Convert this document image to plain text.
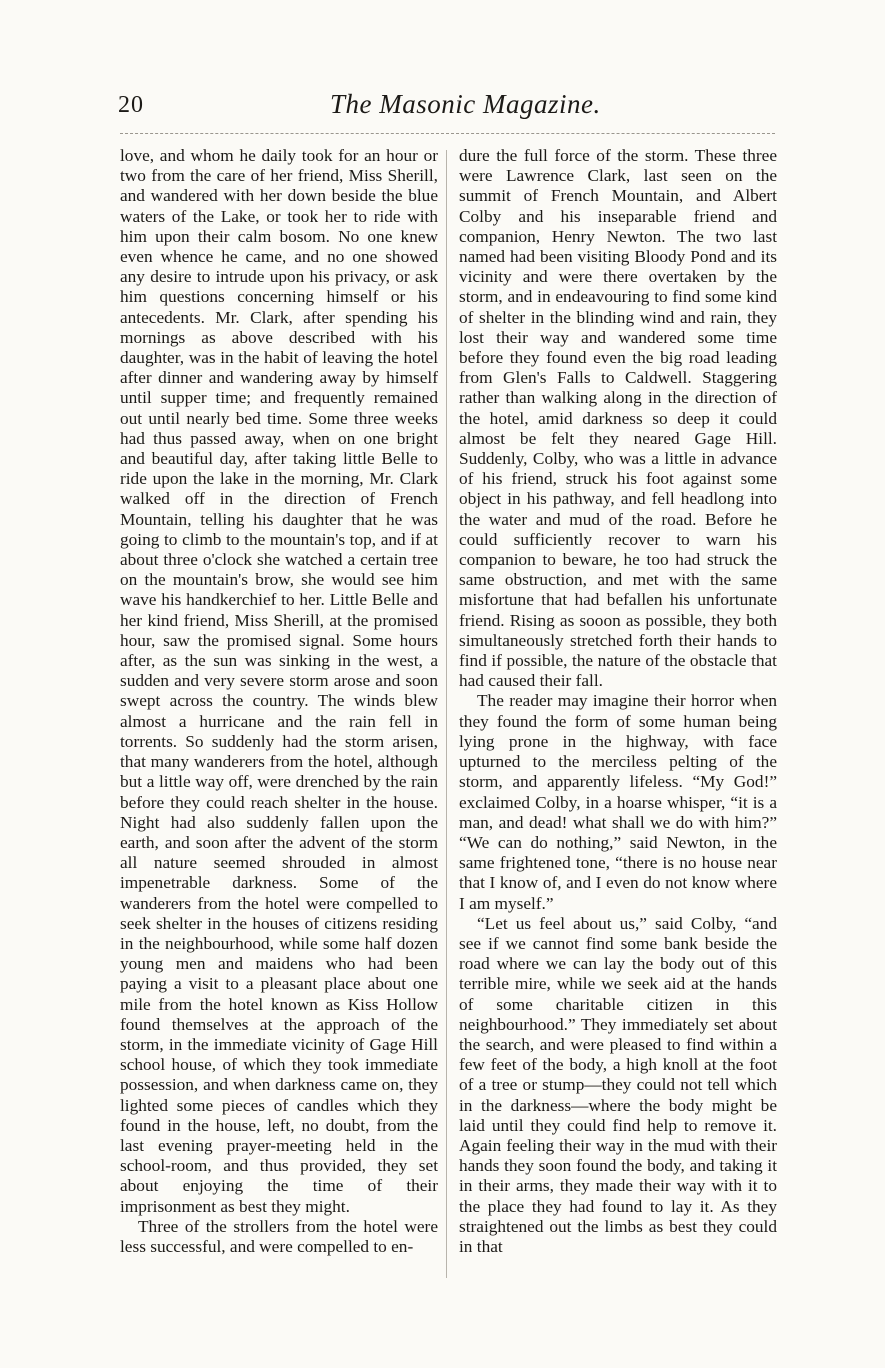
20	The Masonic Magazine.

love, and whom he daily took for an hour or two from the care of her friend, Miss Sherill, and wandered with her down beside the blue waters of the Lake, or took her to ride with him upon their calm bosom. No one knew even whence he came, and no one showed any desire to intrude upon his privacy, or ask him questions concerning himself or his antecedents. Mr. Clark, after spending his mornings as above described with his daughter, was in the habit of leaving the hotel after dinner and wandering away by himself until supper time; and frequently remained out until nearly bed time. Some three weeks had thus passed away, when on one bright and beautiful day, after taking little Belle to ride upon the lake in the morning, Mr. Clark walked off in the direction of French Mountain, telling his daughter that he was going to climb to the mountain's top, and if at about three o'clock she watched a certain tree on the mountain's brow, she would see him wave his handkerchief to her. Little Belle and her kind friend, Miss Sherill, at the promised hour, saw the promised signal. Some hours after, as the sun was sinking in the west, a sudden and very severe storm arose and soon swept across the country. The winds blew almost a hurricane and the rain fell in torrents. So suddenly had the storm arisen, that many wanderers from the hotel, although but a little way off, were drenched by the rain before they could reach shelter in the house. Night had also suddenly fallen upon the earth, and soon after the advent of the storm all nature seemed shrouded in almost impenetrable darkness. Some of the wanderers from the hotel were compelled to seek shelter in the houses of citizens residing in the neighbourhood, while some half dozen young men and maidens who had been paying a visit to a pleasant place about one mile from the hotel known as Kiss Hollow found themselves at the approach of the storm, in the immediate vicinity of Gage Hill school house, of which they took immediate possession, and when darkness came on, they lighted some pieces of candles which they found in the house, left, no doubt, from the last evening prayer-meeting held in the school-room, and thus provided, they set about enjoying the time of their imprisonment as best they might.

Three of the strollers from the hotel were less successful, and were compelled to en-

dure the full force of the storm. These three were Lawrence Clark, last seen on the summit of French Mountain, and Albert Colby and his inseparable friend and companion, Henry Newton. The two last named had been visiting Bloody Pond and its vicinity and were there overtaken by the storm, and in endeavouring to find some kind of shelter in the blinding wind and rain, they lost their way and wandered some time before they found even the big road leading from Glen's Falls to Caldwell. Staggering rather than walking along in the direction of the hotel, amid darkness so deep it could almost be felt they neared Gage Hill. Suddenly, Colby, who was a little in advance of his friend, struck his foot against some object in his pathway, and fell headlong into the water and mud of the road. Before he could sufficiently recover to warn his companion to beware, he too had struck the same obstruction, and met with the same misfortune that had befallen his unfortunate friend. Rising as sooon as possible, they both simultaneously stretched forth their hands to find if possible, the nature of the obstacle that had caused their fall.

The reader may imagine their horror when they found the form of some human being lying prone in the highway, with face upturned to the merciless pelting of the storm, and apparently lifeless. “My God!” exclaimed Colby, in a hoarse whisper, “it is a man, and dead! what shall we do with him?” “We can do nothing,” said Newton, in the same frightened tone, “there is no house near that I know of, and I even do not know where I am myself.”

“Let us feel about us,” said Colby, “and see if we cannot find some bank beside the road where we can lay the body out of this terrible mire, while we seek aid at the hands of some charitable citizen in this neighbourhood.” They immediately set about the search, and were pleased to find within a few feet of the body, a high knoll at the foot of a tree or stump—they could not tell which in the darkness—where the body might be laid until they could find help to remove it. Again feeling their way in the mud with their hands they soon found the body, and taking it in their arms, they made their way with it to the place they had found to lay it. As they straightened out the limbs as best they could in that
